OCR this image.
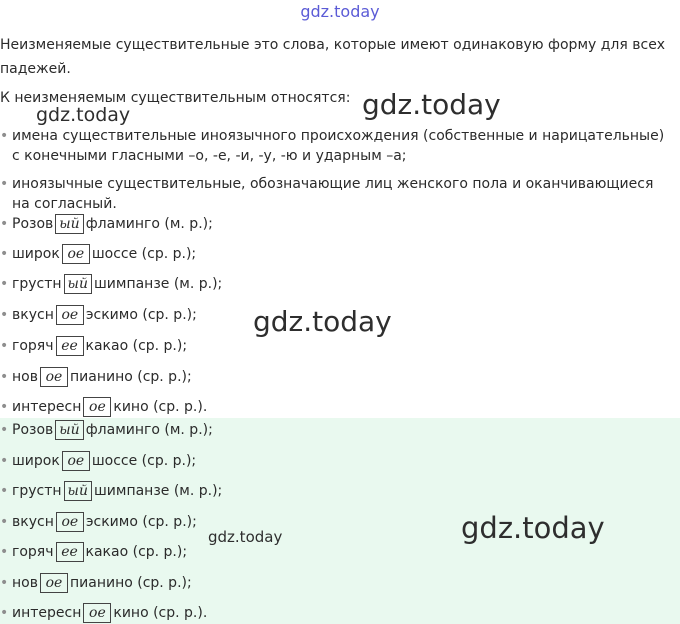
gdz.today
Неизменяемые существительные это слова, которые имеют одинаковую форму для всех падежей.
К неизменяемым существительным относятся:
• имена существительные иноязычного происхождения (собственные и нарицательные) с конечными гласными –о, -е, -и, -у, -ю и ударным –а;
• иноязычные существительные, обозначающие лиц женского пола и оканчивающиеся на согласный.
• Розов ый фламинго (м. р.);
• широк ое шоссе (ср. р.);
• грустн ый шимпанзе (м. р.);
• вкусн ое эскимо (ср. р.);
• горяч ее какао (ср. р.);
• нов ое пианино (ср. р.);
• интересн ое кино (ср. р.).
• Розов ый фламинго (м. р.);
• широк ое шоссе (ср. р.);
• грустн ый шимпанзе (м. р.);
• вкусн ое эскимо (ср. р.);
• горяч ее какао (ср. р.);
• нов ое пианино (ср. р.);
• интересн ое кино (ср. р.).
gdz.today	gdz.today
gdz.today
gdz.today	gdz.today
